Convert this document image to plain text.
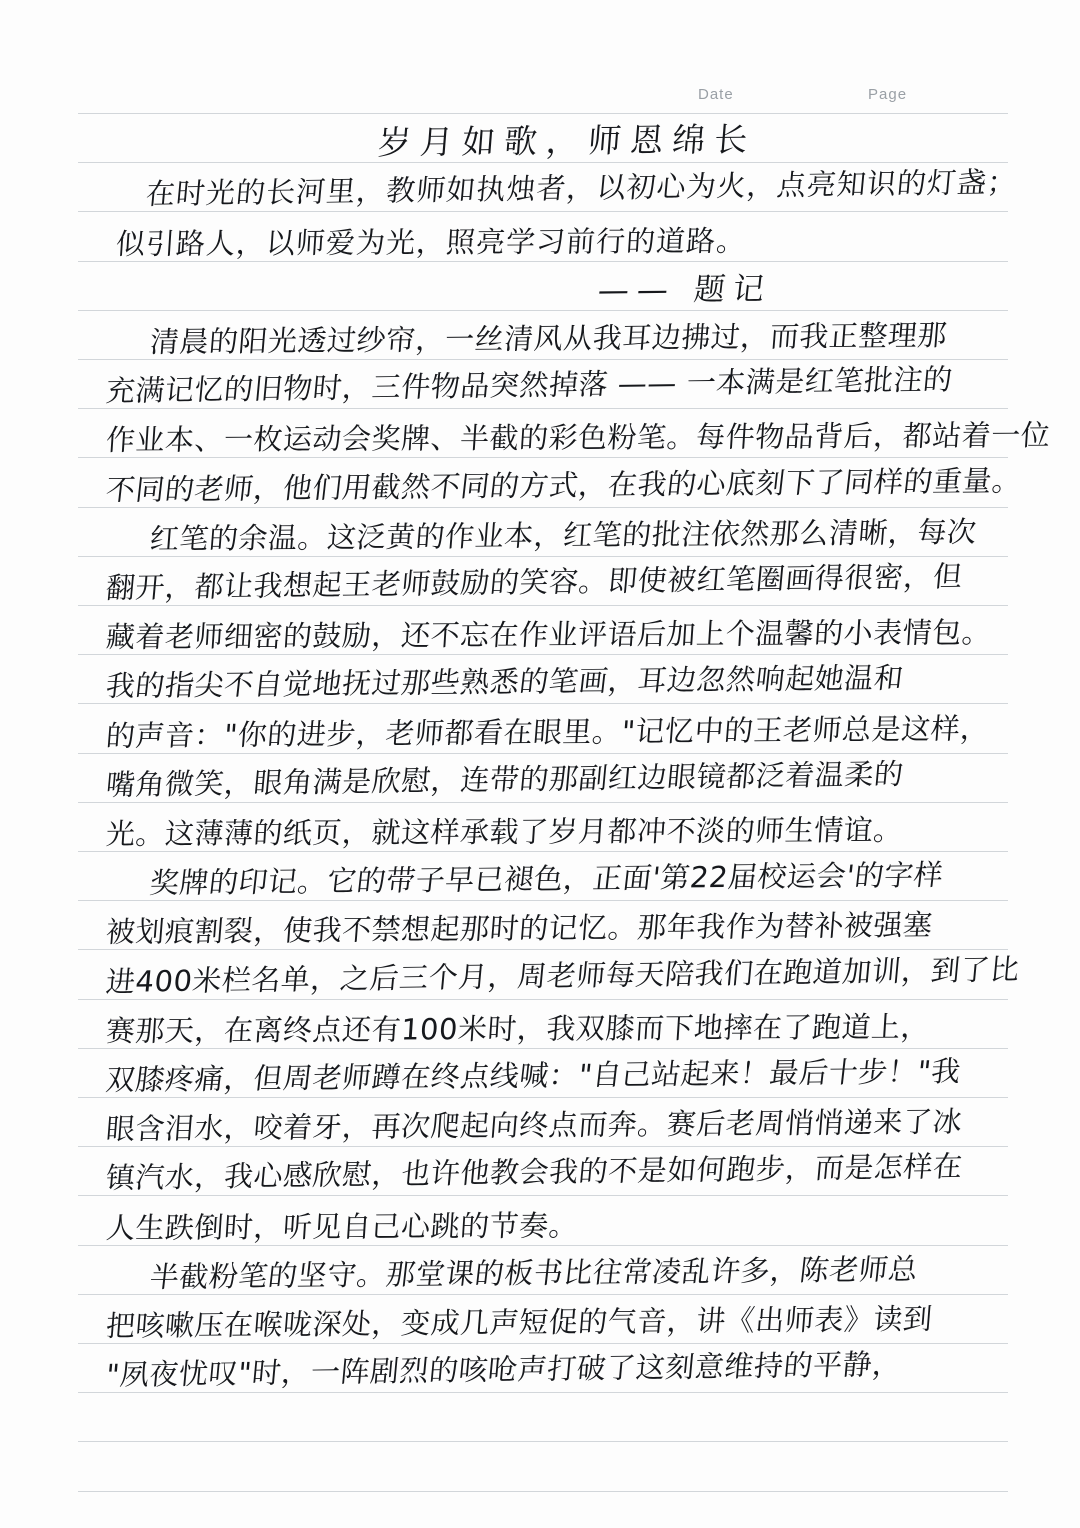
Date	Page
岁月如歌，师恩绵长
在时光的长河里，教师如执烛者，以初心为火，点亮知识的灯盏；
似引路人，以师爱为光，照亮学习前行的道路。
—— 题记
清晨的阳光透过纱帘，一丝清风从我耳边拂过，而我正整理那
充满记忆的旧物时，三件物品突然掉落 —— 一本满是红笔批注的
作业本、一枚运动会奖牌、半截的彩色粉笔。每件物品背后，都站着一位
不同的老师，他们用截然不同的方式，在我的心底刻下了同样的重量。
红笔的余温。这泛黄的作业本，红笔的批注依然那么清晰，每次
翻开，都让我想起王老师鼓励的笑容。即使被红笔圈画得很密，但
藏着老师细密的鼓励，还不忘在作业评语后加上个温馨的小表情包。
我的指尖不自觉地抚过那些熟悉的笔画，耳边忽然响起她温和
的声音："你的进步，老师都看在眼里。"记忆中的王老师总是这样，
嘴角微笑，眼角满是欣慰，连带的那副红边眼镜都泛着温柔的
光。这薄薄的纸页，就这样承载了岁月都冲不淡的师生情谊。
奖牌的印记。它的带子早已褪色，正面'第22届校运会'的字样
被划痕割裂，使我不禁想起那时的记忆。那年我作为替补被强塞
进400米栏名单，之后三个月，周老师每天陪我们在跑道加训，到了比
赛那天，在离终点还有100米时，我双膝而下地摔在了跑道上，
双膝疼痛，但周老师蹲在终点线喊："自己站起来！最后十步！"我
眼含泪水，咬着牙，再次爬起向终点而奔。赛后老周悄悄递来了冰
镇汽水，我心感欣慰，也许他教会我的不是如何跑步，而是怎样在
人生跌倒时，听见自己心跳的节奏。
半截粉笔的坚守。那堂课的板书比往常凌乱许多，陈老师总
把咳嗽压在喉咙深处，变成几声短促的气音，讲《出师表》读到
"夙夜忧叹"时，一阵剧烈的咳呛声打破了这刻意维持的平静，
